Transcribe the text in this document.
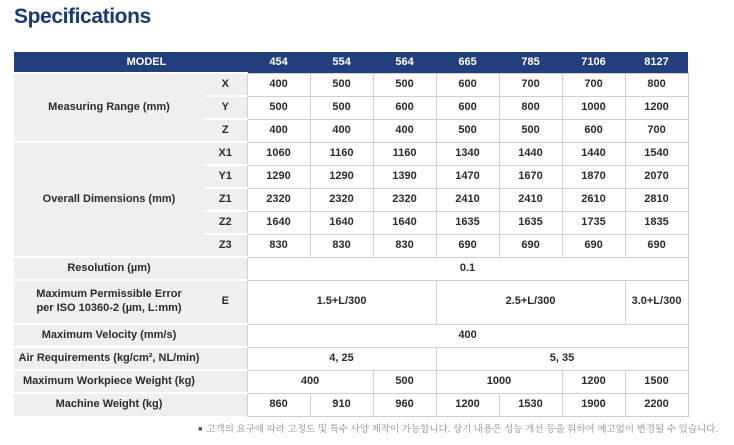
Specifications
MODEL		454	554	564	665	785	7106	8127
Measuring Range (mm)	X	400	500	500	600	700	700	800
	Y	500	500	600	600	800	1000	1200
	Z	400	400	400	500	500	600	700
Overall Dimensions (mm)	X1	1060	1160	1160	1340	1440	1440	1540
	Y1	1290	1290	1390	1470	1670	1870	2070
	Z1	2320	2320	2320	2410	2410	2610	2810
	Z2	1640	1640	1640	1635	1635	1735	1835
	Z3	830	830	830	690	690	690	690
Resolution (µm)		0.1						
Maximum Permissible Error
per ISO 10360-2 (µm, L:mm)	E	1.5+L/300			2.5+L/300			3.0+L/300
Maximum Velocity (mm/s)		400						
Air Requirements (kg/cm², NL/min)		4, 25			5, 35			
Maximum Workpiece Weight (kg)		400		500	1000		1200	1500
Machine Weight (kg)		860	910	960	1200	1530	1900	2200
■ 고객의 요구에 따라 고정도 및 특수 사양 제작이 가능합니다. 상기 내용은 성능 개선 등을 위하여 예고없이 변경될 수 있습니다.
